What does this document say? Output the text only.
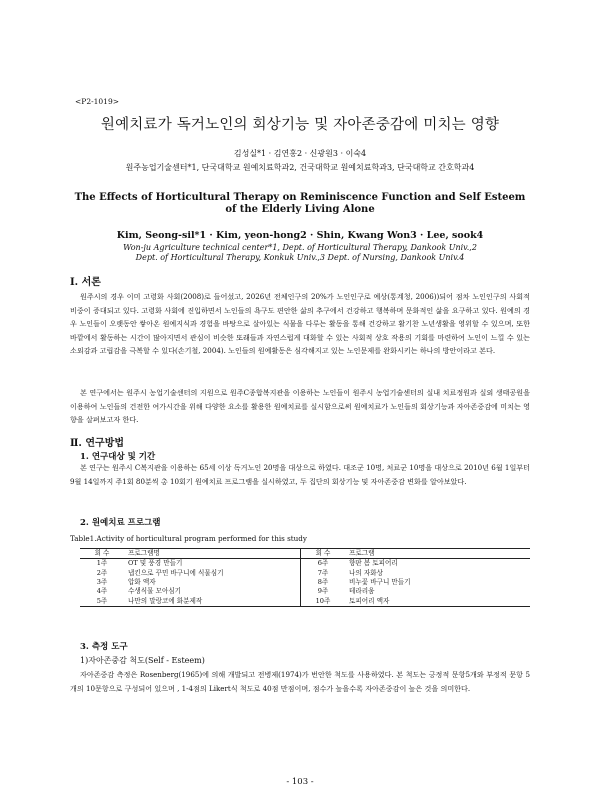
<P2-1019>
원예치료가 독거노인의 회상기능 및 자아존중감에 미치는 영향
김성실*1 · 김연홍2 · 신광원3 · 이숙4
원주농업기술센터*1, 단국대학교 원예치료학과2, 건국대학교 원예치료학과3, 단국대학교 간호학과4
The Effects of Horticultural Therapy on Reminiscence Function and Self Esteem of the Elderly Living Alone
Kim, Seong-sil*1 · Kim, yeon-hong2 · Shin, Kwang Won3 · Lee, sook4
Won-ju Agriculture technical center*1, Dept. of Horticultural Therapy, Dankook Univ.,2
Dept. of Horticultural Therapy, Konkuk Univ.,3 Dept. of Nursing, Dankook Univ.4
Ⅰ. 서론
원주시의 경우 이미 고령화 사회(2008)로 들어섰고, 2026년 전체인구의 20%가 노인인구로 예상(통계청, 2006))되어 점차 노인인구의 사회적 비중이 증대되고 있다. 고령화 사회에 진입하면서 노인들의 욕구도 편안한 삶의 추구에서 건강하고 행복하며 문화적인 삶을 요구하고 있다. 원예의 경우 노인들이 오랫동안 쌓아온 원예지식과 경험을 바탕으로 살아있는 식물을 다루는 활동을 통해 건강하고 활기찬 노년생활을 영위할 수 있으며, 또한 바깥에서 활동하는 시간이 많아지면서 관심이 비슷한 또래들과 자연스럽게 대화할 수 있는 사회적 상호 작용의 기회를 마련하여 노인이 느낄 수 있는 소외감과 고립감을 극복할 수 있다(손기철, 2004). 노인들의 원예활동은 심각해지고 있는 노인문제를 완화시키는 하나의 방안이라고 본다.
본 연구에서는 원주시 농업기술센터의 지원으로 원주C종합복지관을 이용하는 노인들이 원주시 농업기술센터의 실내 치료정원과 실외 생태공원을 이용하여 노인들의 건전한 여가시간을 위해 다양한 요소를 활용한 원예치료를 실시함으로써 원예치료가 노인들의 회상기능과 자아존중감에 미치는 영향을 살펴보고자 한다.
Ⅱ. 연구방법
1. 연구대상 및 기간
본 연구는 원주시 C복지관을 이용하는 65세 이상 독거노인 20명을 대상으로 하였다. 대조군 10명, 처료군 10명을 대상으로 2010년 6월 1일부터 9월 14일까지 주1회 80분씩 총 10회기 원예치료 프로그램을 실시하였고, 두 집단의 회상기능 및 자아존중감 변화를 알아보았다.
2. 원예치료 프로그램
Table1.Activity of horticultural program performed for this study
회 수	프로그램명	회 수	프로그램
1주	OT 및 풍경 만들기	6주	향판 봄 토피어리
2주	냅킨으로 꾸민 바구니에 식물심기	7주	나의 자화상
3주	압화 액자	8주	비누꽃 바구니 만들기
4주	수생식물 모아심기	9주	테라리움
5주	나만의 말랑코에 화분제작	10주	토피어리 액자
3. 측정 도구
1)자아존중감 척도(Self - Esteem)
자아존중감 측정은 Rosenberg(1965)에 의해 개발되고 전병제(1974)가 번안한 척도를 사용하였다. 본 척도는 긍정적 문항5개와 부정적 문항 5개의 10문항으로 구성되어 있으며 , 1-4점의 Likert식 척도로 40점 만점이며, 점수가 높을수록 자아존중감이 높은 것을 의미한다.
- 103 -
